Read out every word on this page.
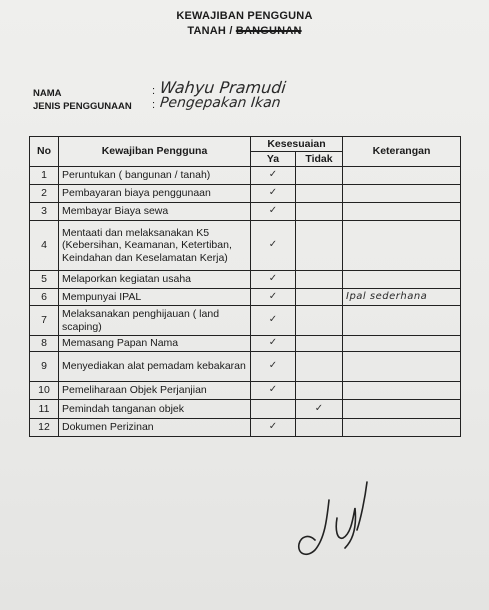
KEWAJIBAN PENGGUNA
TANAH / BANGUNAN
NAMA	: Wahyu Pramudi
JENIS PENGGUNAAN : Pengepakan Ikan
No	Kewajiban Pengguna	Kesesuaian		Keterangan
		Ya	Tidak	
1	Peruntukan ( bangunan / tanah)	✓		
2	Pembayaran biaya penggunaan	✓		
3	Membayar Biaya sewa	✓		
4	Mentaati dan melaksanakan K5 (Kebersihan, Keamanan, Ketertiban, Keindahan dan Keselamatan Kerja)	✓		
5	Melaporkan kegiatan usaha	✓		
6	Mempunyai IPAL	✓		Ipal sederhana
7	Melaksanakan penghijauan ( land scaping)	✓		
8	Memasang Papan Nama	✓		
9	Menyediakan alat pemadam kebakaran	✓		
10	Pemeliharaan Objek Perjanjian	✓		
11	Pemindah tanganan objek		✓	
12	Dokumen Perizinan	✓		
